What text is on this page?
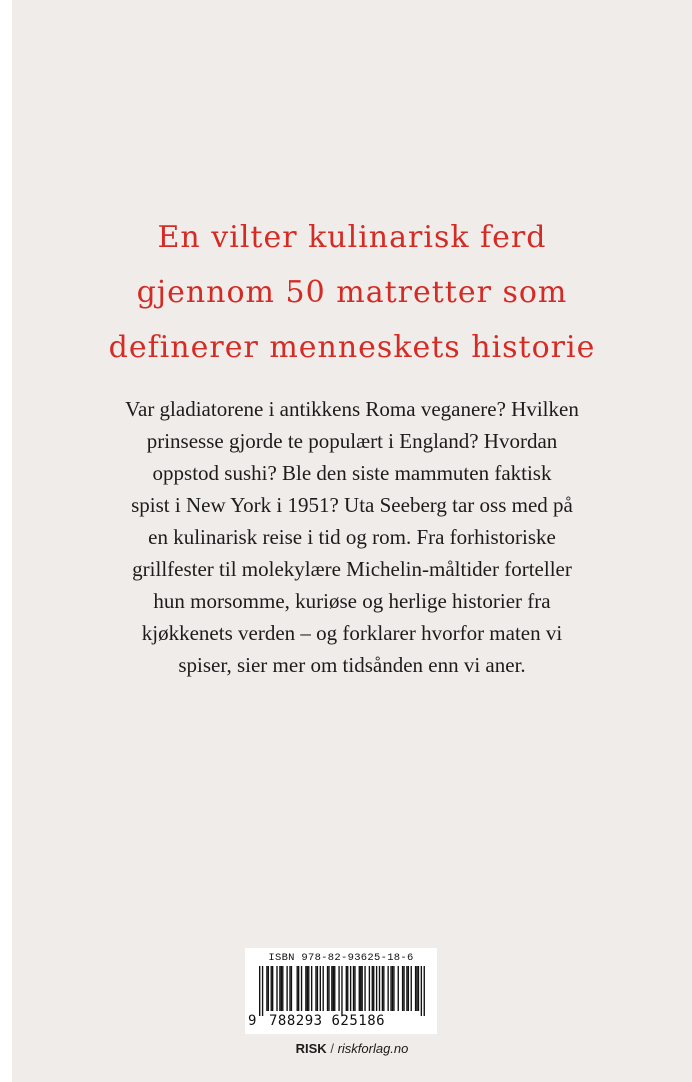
En vilter kulinarisk ferd
gjennom 50 matretter som
definerer menneskets historie

Var gladiatorene i antikkens Roma veganere? Hvilken
prinsesse gjorde te populært i England? Hvordan
oppstod sushi? Ble den siste mammuten faktisk
spist i New York i 1951? Uta Seeberg tar oss med på
en kulinarisk reise i tid og rom. Fra forhistoriske
grillfester til molekylære Michelin-måltider forteller
hun morsomme, kuriøse og herlige historier fra
kjøkkenets verden – og forklarer hvorfor maten vi
spiser, sier mer om tidsånden enn vi aner.

ISBN 978-82-93625-18-6
9 788293 625186
RISK / riskforlag.no
